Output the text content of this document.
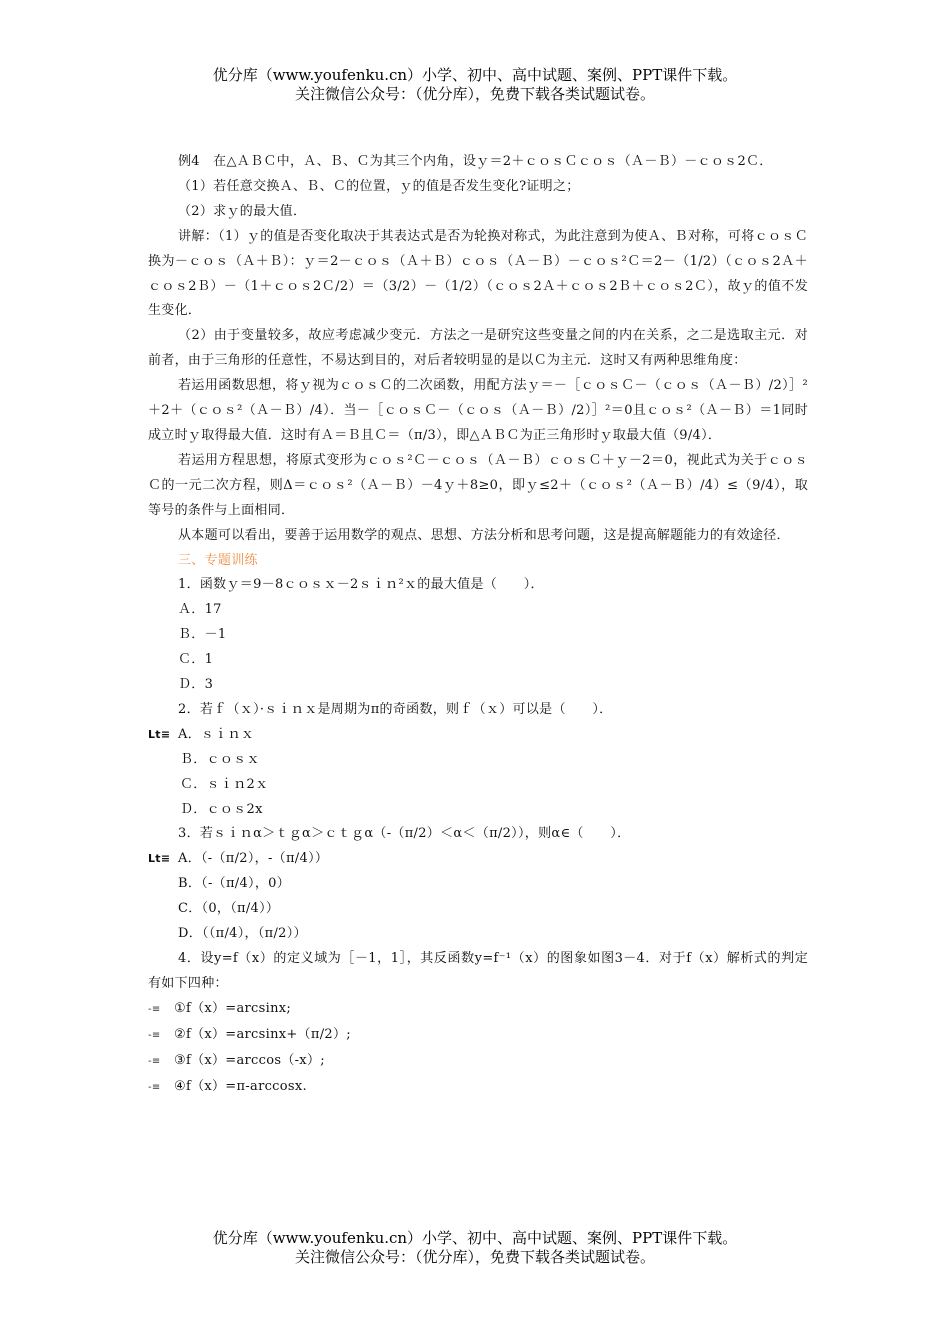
优分库（www.youfenku.cn）小学、初中、高中试题、案例、PPT课件下载。
关注微信公众号：（优分库），免费下载各类试题试卷。

例4　在△ＡＢＣ中，Ａ、Ｂ、Ｃ为其三个内角，设ｙ＝2＋ｃｏｓＣｃｏｓ（Ａ－Ｂ）－ｃｏｓ2Ｃ．

（1）若任意交换Ａ、Ｂ、Ｃ的位置，ｙ的值是否发生变化?证明之；

（2）求ｙ的最大值．

讲解：（1）ｙ的值是否变化取决于其表达式是否为轮换对称式，为此注意到为使Ａ、Ｂ对称，可将ｃｏｓＣ换为－ｃｏｓ（Ａ＋Ｂ）：ｙ＝2－ｃｏｓ（Ａ＋Ｂ）ｃｏｓ（Ａ－Ｂ）－ｃｏｓ²Ｃ＝2－（1/2）（ｃｏｓ2Ａ＋ｃｏｓ2Ｂ）－（1＋ｃｏｓ2Ｃ/2）＝（3/2）－（1/2）（ｃｏｓ2Ａ＋ｃｏｓ2Ｂ＋ｃｏｓ2Ｃ），故ｙ的值不发生变化．

（2）由于变量较多，故应考虑减少变元．方法之一是研究这些变量之间的内在关系，之二是选取主元．对前者，由于三角形的任意性，不易达到目的，对后者较明显的是以Ｃ为主元．这时又有两种思维角度：

若运用函数思想，将ｙ视为ｃｏｓＣ的二次函数，用配方法ｙ＝－［ｃｏｓＣ－（ｃｏｓ（Ａ－Ｂ）/2）］²＋2＋（ｃｏｓ²（Ａ－Ｂ）/4）．当－［ｃｏｓＣ－（ｃｏｓ（Ａ－Ｂ）/2）］²＝0且ｃｏｓ²（Ａ－Ｂ）＝1同时成立时ｙ取得最大值．这时有Ａ＝Ｂ且Ｃ＝（π/3），即△ＡＢＣ为正三角形时ｙ取最大值（9/4）．

若运用方程思想，将原式变形为ｃｏｓ²Ｃ－ｃｏｓ（Ａ－Ｂ）ｃｏｓＣ＋ｙ－2＝0，视此式为关于ｃｏｓＣ的一元二次方程，则Δ＝ｃｏｓ²（Ａ－Ｂ）－4ｙ＋8≥0，即ｙ≤2＋（ｃｏｓ²（Ａ－Ｂ）/4）≤（9/4），取等号的条件与上面相同．

从本题可以看出，要善于运用数学的观点、思想、方法分析和思考问题，这是提高解题能力的有效途径．

三、专题训练

1．函数ｙ＝9－8ｃｏｓｘ－2ｓｉｎ²ｘ的最大值是（　　）．

Ａ．17

Ｂ．－1

Ｃ．1

Ｄ．3

2．若ｆ（ｘ）·ｓｉｎｘ是周期为π的奇函数，则ｆ（ｘ）可以是（　　）．

Lt≡ A．ｓｉｎｘ

Ｂ．ｃｏｓｘ

Ｃ．ｓｉｎ2ｘ

Ｄ．ｃｏｓ2x

3．若ｓｉｎα＞ｔｇα＞ｃｔｇα（-（π/2）＜α＜（π/2）），则α∈（　　）．

Lt≡ A．（-（π/2），-（π/4））

B．（-（π/4），0）

C．（0，（π/4））

D．（（π/4），（π/2））

4．设y=f（x）的定义域为［－1，1］，其反函数y=f⁻¹（x）的图象如图3－4．对于f（x）解析式的判定有如下四种：

-≡ ①f（x）=arcsinx;

-≡ ②f（x）=arcsinx+（π/2）;

-≡ ③f（x）=arccos（-x）;

-≡ ④f（x）=π-arccosx.

优分库（www.youfenku.cn）小学、初中、高中试题、案例、PPT课件下载。
关注微信公众号：（优分库），免费下载各类试题试卷。
